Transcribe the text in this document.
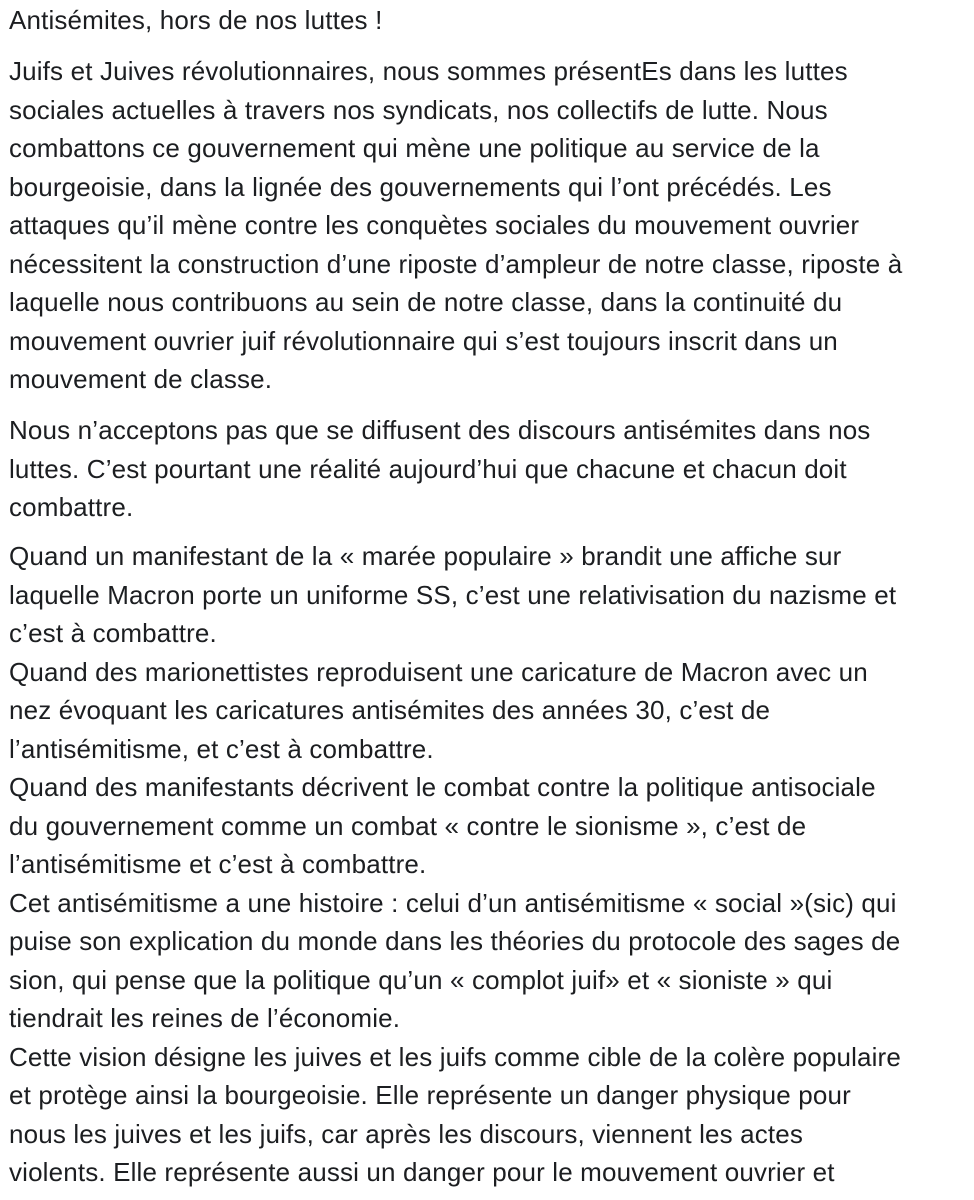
Antisémites, hors de nos luttes !
Juifs et Juives révolutionnaires, nous sommes présentEs dans les luttes
sociales actuelles à travers nos syndicats, nos collectifs de lutte. Nous
combattons ce gouvernement qui mène une politique au service de la
bourgeoisie, dans la lignée des gouvernements qui l’ont précédés. Les
attaques qu’il mène contre les conquètes sociales du mouvement ouvrier
nécessitent la construction d’une riposte d’ampleur de notre classe, riposte à
laquelle nous contribuons au sein de notre classe, dans la continuité du
mouvement ouvrier juif révolutionnaire qui s’est toujours inscrit dans un
mouvement de classe.
Nous n’acceptons pas que se diffusent des discours antisémites dans nos
luttes. C’est pourtant une réalité aujourd’hui que chacune et chacun doit
combattre.
Quand un manifestant de la « marée populaire » brandit une affiche sur
laquelle Macron porte un uniforme SS, c’est une relativisation du nazisme et
c’est à combattre.
Quand des marionettistes reproduisent une caricature de Macron avec un
nez évoquant les caricatures antisémites des années 30, c’est de
l’antisémitisme, et c’est à combattre.
Quand des manifestants décrivent le combat contre la politique antisociale
du gouvernement comme un combat « contre le sionisme », c’est de
l’antisémitisme et c’est à combattre.
Cet antisémitisme a une histoire : celui d’un antisémitisme « social »(sic) qui
puise son explication du monde dans les théories du protocole des sages de
sion, qui pense que la politique qu’un « complot juif» et « sioniste » qui
tiendrait les reines de l’économie.
Cette vision désigne les juives et les juifs comme cible de la colère populaire
et protège ainsi la bourgeoisie. Elle représente un danger physique pour
nous les juives et les juifs, car après les discours, viennent les actes
violents. Elle représente aussi un danger pour le mouvement ouvrier et
